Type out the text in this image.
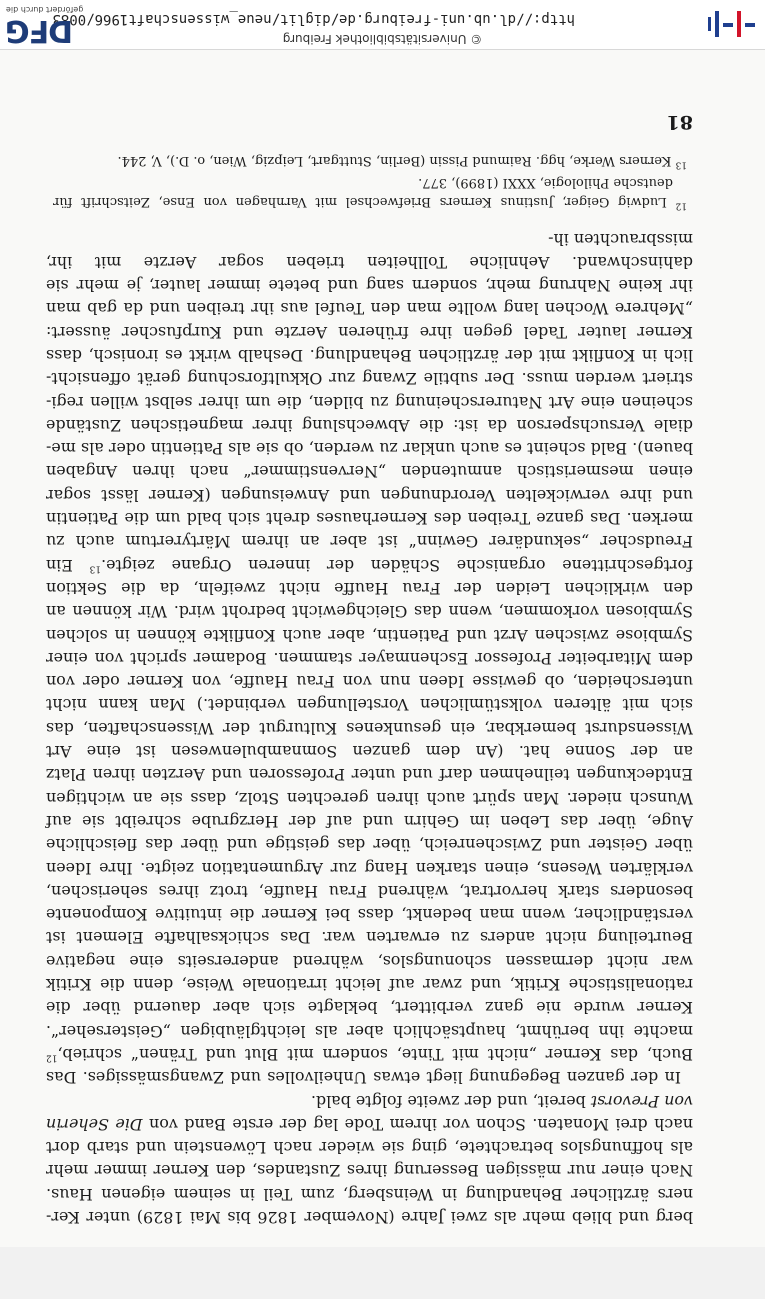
berg und blieb mehr als zwei Jahre (November 1826 bis Mai 1829) unter Kerners ärztlicher Behandlung in Weinsberg, zum Teil in seinem eigenen Haus. Nach einer nur mässigen Besserung ihres Zustandes, den Kerner immer mehr als hoffnungslos betrachtete, ging sie wieder nach Löwenstein und starb dort nach drei Monaten. Schon vor ihrem Tode lag der erste Band von Die Seherin von Prevorst bereit, und der zweite folgte bald.

In der ganzen Begegnung liegt etwas Unheilvolles und Zwangsmässiges. Das Buch, das Kerner „nicht mit Tinte, sondern mit Blut und Tränen“ schrieb,$^{12}$ machte ihn berühmt, hauptsächlich aber als leichtgläubigen „Geisterseher“. Kerner wurde nie ganz verbittert, beklagte sich aber dauernd über die rationalistische Kritik, und zwar auf leicht irrationale Weise, denn die Kritik war nicht dermassen schonungslos, während andererseits eine negative Beurteilung nicht anders zu erwarten war. Das schicksalhafte Element ist verständlicher, wenn man bedenkt, dass bei Kerner die intuitive Komponente besonders stark hervortrat, während Frau Hauffe, trotz ihres seherischen, verklärten Wesens, einen starken Hang zur Argumentation zeigte. Ihre Ideen über Geister und Zwischenreich, über das geistige und über das fleischliche Auge, über das Leben im Gehirn und auf der Herzgrube schreibt sie auf Wunsch nieder. Man spürt auch ihren gerechten Stolz, dass sie an wichtigen Entdeckungen teilnehmen darf und unter Professoren und Aerzten ihren Platz an der Sonne hat. (An dem ganzen Somnambulenwesen ist eine Art Wissensdurst bemerkbar, ein gesunkenes Kulturgut der Wissenschaften, das sich mit älteren volkstümlichen Vorstellungen verbindet.) Man kann nicht unterscheiden, ob gewisse Ideen nun von Frau Hauffe, von Kerner oder von dem Mitarbeiter Professor Eschenmayer stammen. Bodamer spricht von einer Symbiose zwischen Arzt und Patientin, aber auch Konflikte können in solchen Symbiosen vorkommen, wenn das Gleichgewicht bedroht wird. Wir können an den wirklichen Leiden der Frau Hauffe nicht zweifeln, da die Sektion fortgeschrittene organische Schäden der inneren Organe zeigte.$^{13}$ Ein Freudscher „sekundärer Gewinn“ ist aber an ihrem Märtyrertum auch zu merken. Das ganze Treiben des Kernerhauses dreht sich bald um die Patientin und ihre verwickelten Verordnungen und Anweisungen (Kerner lässt sogar einen mesmeristisch anmutenden „Nervenstimmer“ nach ihren Angaben bauen). Bald scheint es auch unklar zu werden, ob sie als Patientin oder als mediale Versuchsperson da ist: die Abwechslung ihrer magnetischen Zustände scheinen eine Art Naturerscheinung zu bilden, die um ihrer selbst willen registriert werden muss. Der subtile Zwang zur Okkultforschung gerät offensichtlich in Konflikt mit der ärztlichen Behandlung. Deshalb wirkt es ironisch, dass Kerner lauter Tadel gegen ihre früheren Aerzte und Kurpfuscher äussert: „Mehrere Wochen lang wollte man den Teufel aus ihr treiben und da gab man ihr keine Nahrung mehr, sondern sang und betete immer lauter, je mehr sie dahinschwand. Aehnliche Tollheiten trieben sogar Aerzte mit ihr, missbrauchten ih-

$^{12}$ Ludwig Geiger, Justinus Kerners Briefwechsel mit Varnhagen von Ense, Zeitschrift für deutsche Philologie, XXXI (1899), 377.

$^{13}$ Kerners Werke, hgg. Raimund Pissin (Berlin, Stuttgart, Leipzig, Wien, o. D.), V, 244.

81
© Universitätsbibliothek Freiburg
http://dl.ub.uni-freiburg.de/diglit/neue_wissenschaft1966/0083
DFG
gefördert durch die
